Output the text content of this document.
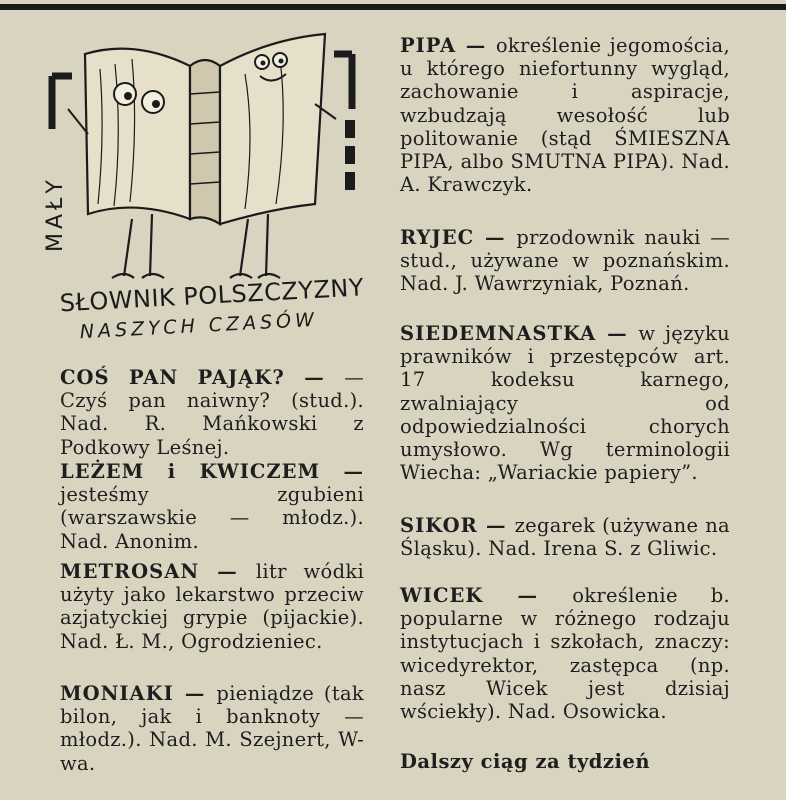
MAŁY
SŁOWNIK POLSZCZYZNY
NASZYCH CZASÓW
COŚ PAN PAJĄK? — — Czyś pan naiwny? (stud.). Nad. R. Mańkowski z Podkowy Leśnej.
LEŻEM i KWICZEM — jesteśmy zgubieni (warszawskie — młodz.). Nad. Anonim.
METROSAN — litr wódki użyty jako lekarstwo przeciw azjatyckiej grypie (pijackie). Nad. Ł. M., Ogrodzieniec.
MONIAKI — pieniądze (tak bilon, jak i banknoty — młodz.). Nad. M. Szejnert, W-wa.
PIPA — określenie jegomościa, u którego niefortunny wygląd, zachowanie i aspiracje, wzbudzają wesołość lub politowanie (stąd ŚMIESZNA PIPA, albo SMUTNA PIPA). Nad. A. Krawczyk.
RYJEC — przodownik nauki — stud., używane w poznańskim. Nad. J. Wawrzyniak, Poznań.
SIEDEMNASTKA — w języku prawników i przestępców art. 17 kodeksu karnego, zwalniający od odpowiedzialności chorych umysłowo. Wg terminologii Wiecha: „Wariackie papiery”.
SIKOR — zegarek (używane na Śląsku). Nad. Irena S. z Gliwic.
WICEK — określenie b. popularne w różnego rodzaju instytucjach i szkołach, znaczy: wicedyrektor, zastępca (np. nasz Wicek jest dzisiaj wściekły). Nad. Osowicka.
Dalszy ciąg za tydzień
